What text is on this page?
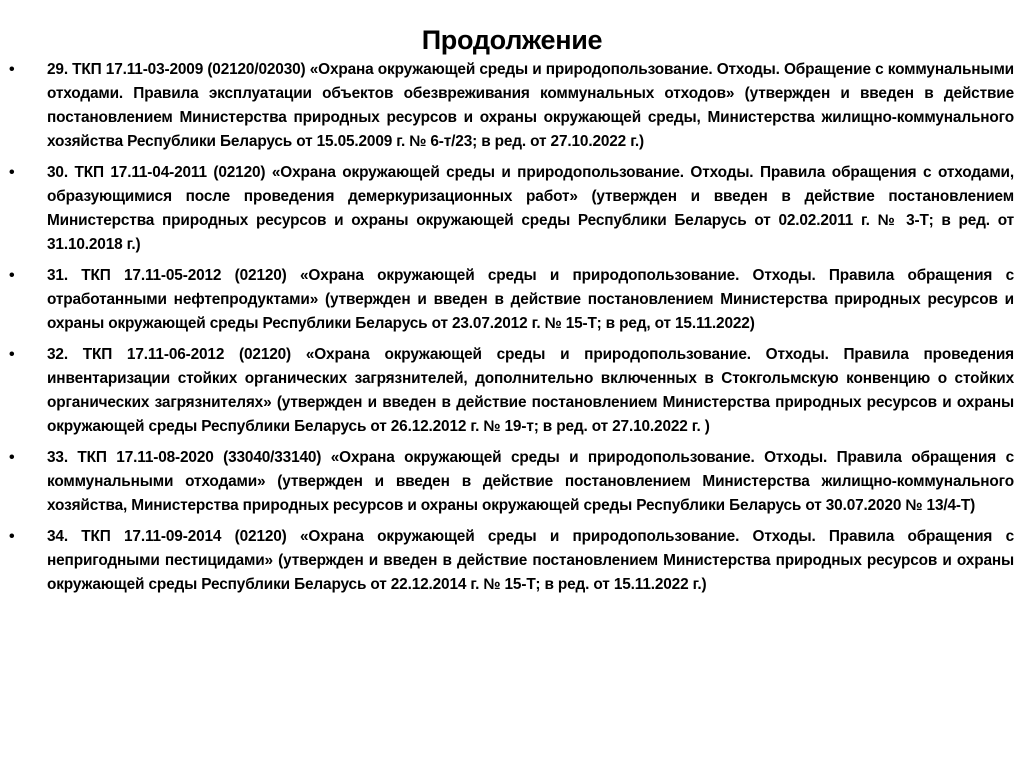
Продолжение
• 29. ТКП 17.11-03-2009 (02120/02030) «Охрана окружающей среды и природопользование. Отходы. Обращение с коммунальными отходами. Правила эксплуатации объектов обезвреживания коммунальных отходов» (утвержден и введен в действие постановлением Министерства природных ресурсов и охраны окружающей среды, Министерства жилищно-коммунального хозяйства Республики Беларусь от 15.05.2009 г. № 6-т/23; в ред. от 27.10.2022 г.)
• 30. ТКП 17.11-04-2011 (02120) «Охрана окружающей среды и природопользование. Отходы. Правила обращения с отходами, образующимися после проведения демеркуризационных работ» (утвержден и введен в действие постановлением Министерства природных ресурсов и охраны окружающей среды Республики Беларусь от 02.02.2011 г. № 3-Т; в ред. от 31.10.2018 г.)
• 31. ТКП 17.11-05-2012 (02120) «Охрана окружающей среды и природопользование. Отходы. Правила обращения с отработанными нефтепродуктами» (утвержден и введен в действие постановлением Министерства природных ресурсов и охраны окружающей среды Республики Беларусь от 23.07.2012 г. № 15-Т; в ред, от 15.11.2022)
• 32. ТКП 17.11-06-2012 (02120) «Охрана окружающей среды и природопользование. Отходы. Правила проведения инвентаризации стойких органических загрязнителей, дополнительно включенных в Стокгольмскую конвенцию о стойких органических загрязнителях» (утвержден и введен в действие постановлением Министерства природных ресурсов и охраны окружающей среды Республики Беларусь от 26.12.2012 г. № 19-т; в ред. от 27.10.2022 г. )
• 33. ТКП 17.11-08-2020 (33040/33140) «Охрана окружающей среды и природопользование. Отходы. Правила обращения с коммунальными отходами» (утвержден и введен в действие постановлением Министерства жилищно-коммунального хозяйства, Министерства природных ресурсов и охраны окружающей среды Республики Беларусь от 30.07.2020 № 13/4-Т)
• 34. ТКП 17.11-09-2014 (02120) «Охрана окружающей среды и природопользование. Отходы. Правила обращения с непригодными пестицидами» (утвержден и введен в действие постановлением Министерства природных ресурсов и охраны окружающей среды Республики Беларусь от 22.12.2014 г. № 15-Т; в ред. от 15.11.2022 г.)
